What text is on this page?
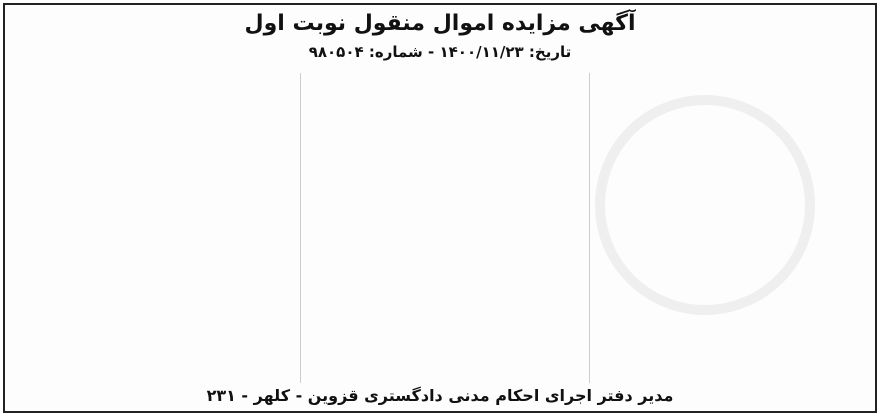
آگهی مزایده اموال منقول نوبت اول
تاریخ: ۱۴۰۰/۱۱/۲۳ - شماره: ۹۸۰۵۰۴
مدیر دفتر اجرای احکام مدنی دادگستری قزوین - کلهر - ۲۳۱
